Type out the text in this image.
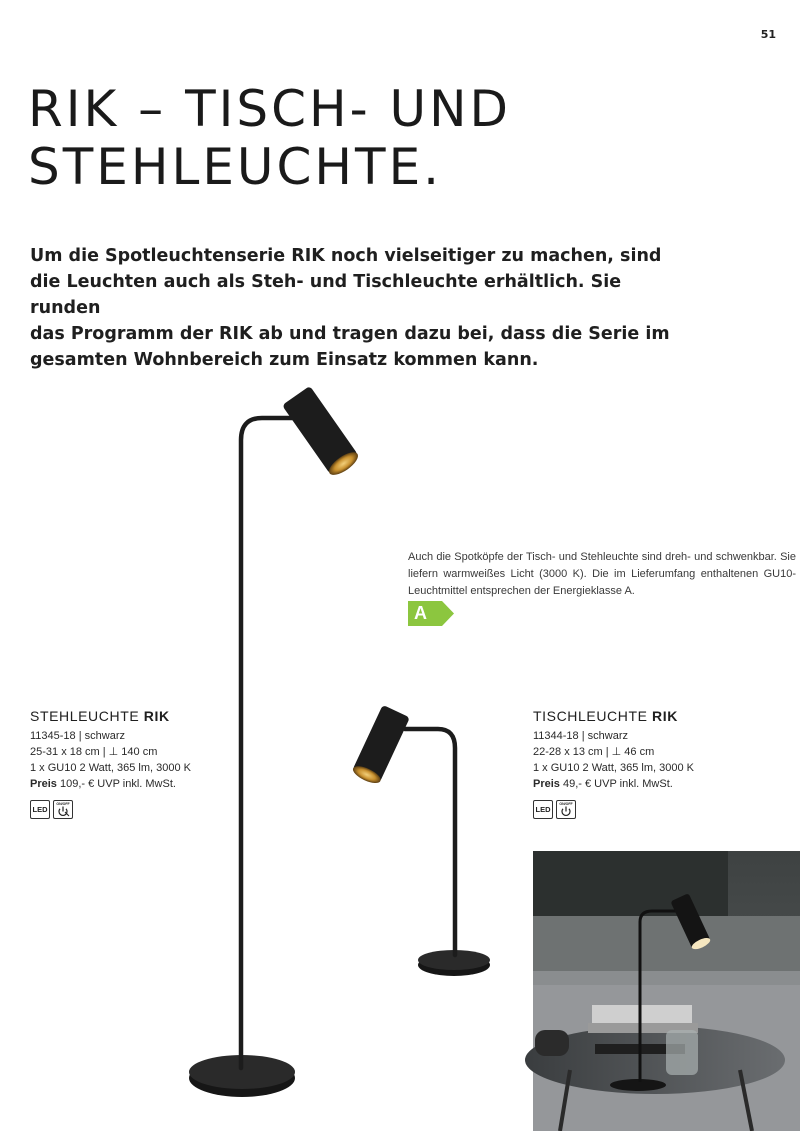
51
RIK – TISCH- UND
STEHLEUCHTE.

Um die Spotleuchtenserie RIK noch vielseitiger zu machen, sind
die Leuchten auch als Steh- und Tischleuchte erhältlich. Sie runden
das Programm der RIK ab und tragen dazu bei, dass die Serie im
gesamten Wohnbereich zum Einsatz kommen kann.

Auch die Spotköpfe der Tisch- und Stehleuchte sind dreh- und schwenkbar. Sie liefern warmweißes Licht (3000 K). Die im Lieferumfang enthaltenen GU10-Leuchtmittel entsprechen der Energieklasse A.

A

STEHLEUCHTE RIK

11345-18 | schwarz

25-31 x 18 cm | ⊥ 140 cm

1 x GU10 2 Watt, 365 lm, 3000 K

Preis 109,- € UVP inkl. MwSt.

LED
ON/OFF

TISCHLEUCHTE RIK

11344-18 | schwarz

22-28 x 13 cm | ⊥ 46 cm

1 x GU10 2 Watt, 365 lm, 3000 K

Preis 49,- € UVP inkl. MwSt.

LED
ON/OFF
